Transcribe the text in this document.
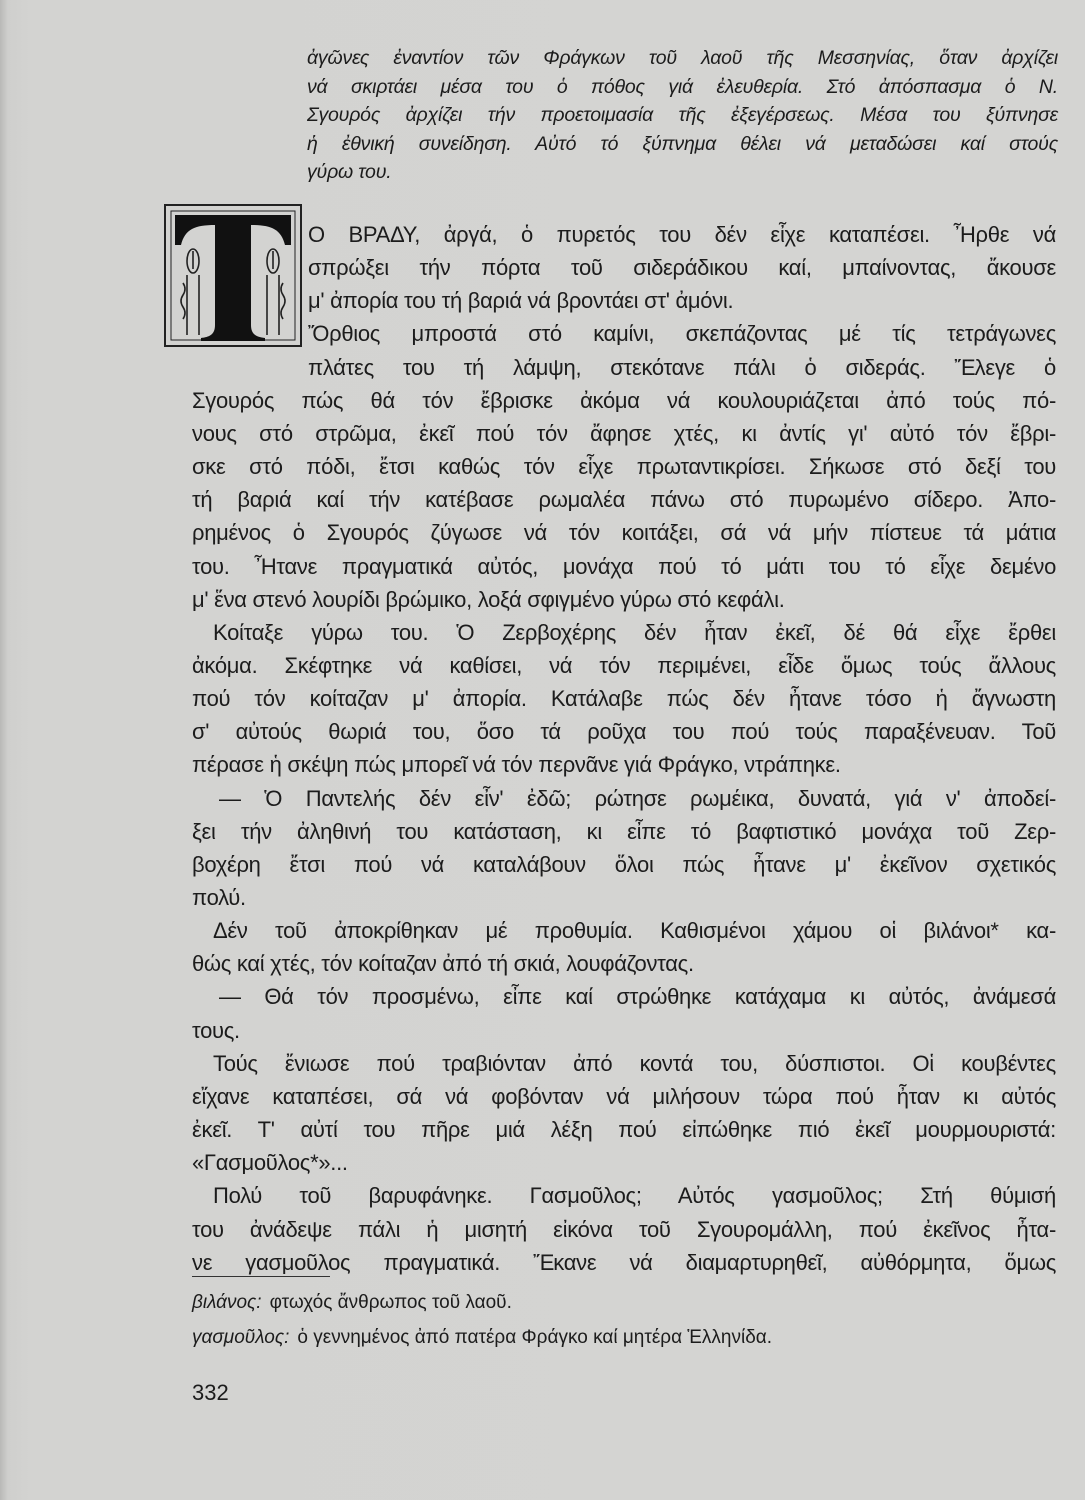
ἀγῶνες ἐναντίον τῶν Φράγκων τοῦ λαοῦ τῆς Μεσσηνίας, ὅταν ἀρχίζει
νά σκιρτάει μέσα του ὁ πόθος γιά ἐλευθερία. Στό ἀπόσπασμα ὁ Ν.
Σγουρός ἀρχίζει τήν προετοιμασία τῆς ἐξεγέρσεως. Μέσα του ξύπνησε
ἡ ἐθνική συνείδηση. Αὐτό τό ξύπνημα θέλει νά μεταδώσει καί στούς
γύρω του.
Τ
Ο ΒΡΑΔΥ, ἀργά, ὁ πυρετός του δέν εἶχε καταπέσει. Ἦρθε νά
σπρώξει τήν πόρτα τοῦ σιδεράδικου καί, μπαίνοντας, ἄκουσε
μ' ἀπορία του τή βαριά νά βροντάει στ' ἀμόνι.
Ὄρθιος μπροστά στό καμίνι, σκεπάζοντας μέ τίς τετράγωνες
πλάτες του τή λάμψη, στεκότανε πάλι ὁ σιδεράς. Ἔλεγε ὁ
Σγουρός πώς θά τόν ἔβρισκε ἀκόμα νά κουλουριάζεται ἀπό τούς πό-
νους στό στρῶμα, ἐκεῖ πού τόν ἄφησε χτές, κι ἀντίς γι' αὐτό τόν ἔβρι-
σκε στό πόδι, ἔτσι καθώς τόν εἶχε πρωταντικρίσει. Σήκωσε στό δεξί του
τή βαριά καί τήν κατέβασε ρωμαλέα πάνω στό πυρωμένο σίδερο. Ἀπο-
ρημένος ὁ Σγουρός ζύγωσε νά τόν κοιτάξει, σά νά μήν πίστευε τά μάτια
του. Ἦτανε πραγματικά αὐτός, μονάχα πού τό μάτι του τό εἶχε δεμένο
μ' ἕνα στενό λουρίδι βρώμικο, λοξά σφιγμένο γύρω στό κεφάλι.
Κοίταξε γύρω του. Ὁ Ζερβοχέρης δέν ἦταν ἐκεῖ, δέ θά εἶχε ἔρθει
ἀκόμα. Σκέφτηκε νά καθίσει, νά τόν περιμένει, εἶδε ὅμως τούς ἄλλους
πού τόν κοίταζαν μ' ἀπορία. Κατάλαβε πώς δέν ἦτανε τόσο ἡ ἄγνωστη
σ' αὐτούς θωριά του, ὅσο τά ροῦχα του πού τούς παραξένευαν. Τοῦ
πέρασε ἡ σκέψη πώς μπορεῖ νά τόν περνᾶνε γιά Φράγκο, ντράπηκε.
— Ὁ Παντελής δέν εἶν' ἐδῶ; ρώτησε ρωμέικα, δυνατά, γιά ν' ἀποδεί-
ξει τήν ἀληθινή του κατάσταση, κι εἶπε τό βαφτιστικό μονάχα τοῦ Ζερ-
βοχέρη ἔτσι πού νά καταλάβουν ὅλοι πώς ἦτανε μ' ἐκεῖνον σχετικός
πολύ.
Δέν τοῦ ἀποκρίθηκαν μέ προθυμία. Καθισμένοι χάμου οἱ βιλάνοι* κα-
θώς καί χτές, τόν κοίταζαν ἀπό τή σκιά, λουφάζοντας.
— Θά τόν προσμένω, εἶπε καί στρώθηκε κατάχαμα κι αὐτός, ἀνάμεσά
τους.
Τούς ἔνιωσε πού τραβιόνταν ἀπό κοντά του, δύσπιστοι. Οἱ κουβέντες
εἴχανε καταπέσει, σά νά φοβόνταν νά μιλήσουν τώρα πού ἦταν κι αὐτός
ἐκεῖ. Τ' αὐτί του πῆρε μιά λέξη πού εἰπώθηκε πιό ἐκεῖ μουρμουριστά:
«Γασμοῦλος*»...
Πολύ τοῦ βαρυφάνηκε. Γασμοῦλος; Αὐτός γασμοῦλος; Στή θύμισή
του ἀνάδεψε πάλι ἡ μισητή εἰκόνα τοῦ Σγουρομάλλη, πού ἐκεῖνος ἦτα-
νε γασμοῦλος πραγματικά. Ἔκανε νά διαμαρτυρηθεῖ, αὐθόρμητα, ὅμως
βιλάνος: φτωχός ἄνθρωπος τοῦ λαοῦ.
γασμοῦλος: ὁ γεννημένος ἀπό πατέρα Φράγκο καί μητέρα Ἑλληνίδα.
332
